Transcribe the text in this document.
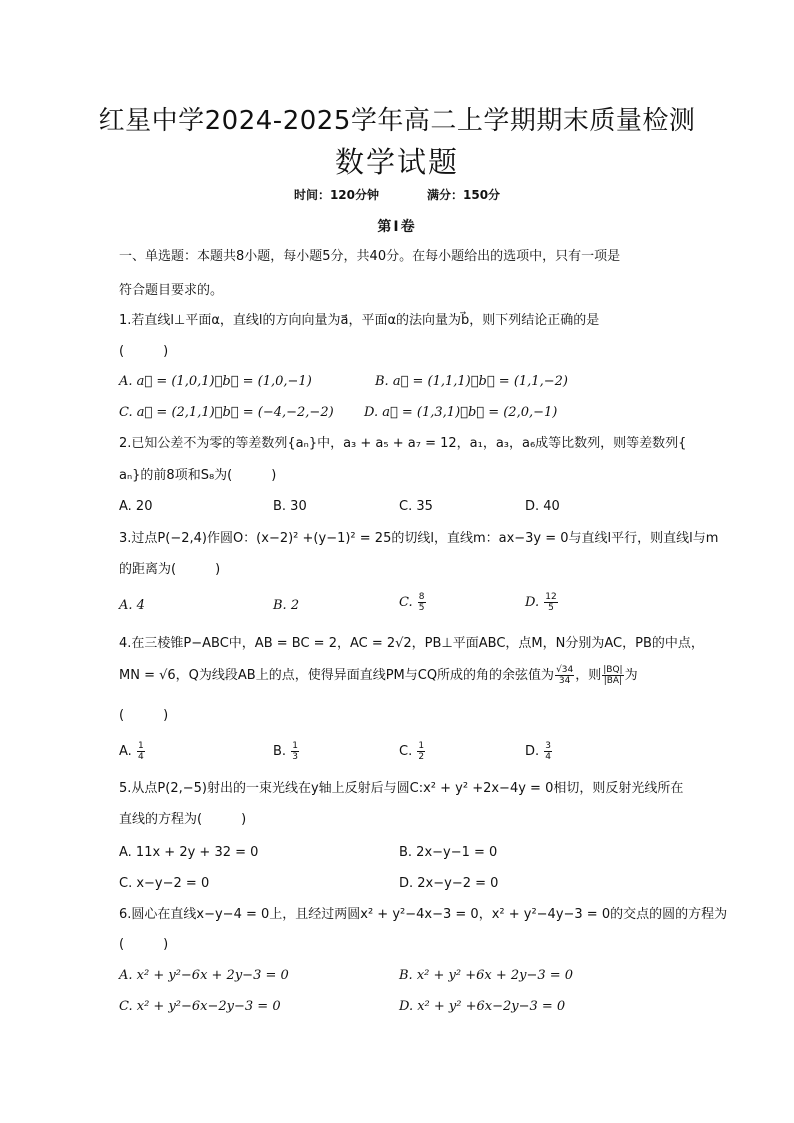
红星中学2024-2025学年高二上学期期末质量检测
数学试题
时间：120分钟	满分：150分
第Ⅰ卷
一、单选题：本题共8小题，每小题5分，共40分。在每小题给出的选项中，只有一项是
符合题目要求的。
1.若直线l⊥平面α，直线l的方向向量为a⃗，平面α的法向量为b⃗，则下列结论正确的是
(　　　)
A. a⃗ = (1,0,1)，b⃗ = (1,0,−1)	B. a⃗ = (1,1,1)，b⃗ = (1,1,−2)
C. a⃗ = (2,1,1)，b⃗ = (−4,−2,−2) D. a⃗ = (1,3,1)，b⃗ = (2,0,−1)
2.已知公差不为零的等差数列{aₙ}中，a₃ + a₅ + a₇ = 12，a₁，a₃，a₆成等比数列，则等差数列{
aₙ}的前8项和S₈为(　　　)
A. 20	B. 30	C. 35	D. 40
3.过点P(−2,4)作圆O：(x−2)² +(y−1)² = 25的切线l，直线m：ax−3y = 0与直线l平行，则直线l与m
的距离为(　　　)
A. 4	B. 2	C. $\frac{8}{5}$	D. $\frac{12}{5}$
4.在三棱锥P−ABC中，AB = BC = 2，AC = 2√2，PB⊥平面ABC，点M，N分别为AC，PB的中点，
MN = √6，Q为线段AB上的点，使得异面直线PM与CQ所成的角的余弦值为 $\frac{√34}{34}$ ，则 $\frac{|BQ|}{|BA|}$ 为
(　　　)
A. $\frac{1}{4}$	B. $\frac{1}{3}$	C. $\frac{1}{2}$	D. $\frac{3}{4}$
5.从点P(2,−5)射出的一束光线在y轴上反射后与圆C:x² + y² +2x−4y = 0相切，则反射光线所在
直线的方程为(　　　)
A. 11x + 2y + 32 = 0	B. 2x−y−1 = 0
C. x−y−2 = 0	D. 2x−y−2 = 0
6.圆心在直线x−y−4 = 0上，且经过两圆x² + y²−4x−3 = 0，x² + y²−4y−3 = 0的交点的圆的方程为
(　　　)
A. x² + y²−6x + 2y−3 = 0	B. x² + y² +6x + 2y−3 = 0
C. x² + y²−6x−2y−3 = 0	D. x² + y² +6x−2y−3 = 0
